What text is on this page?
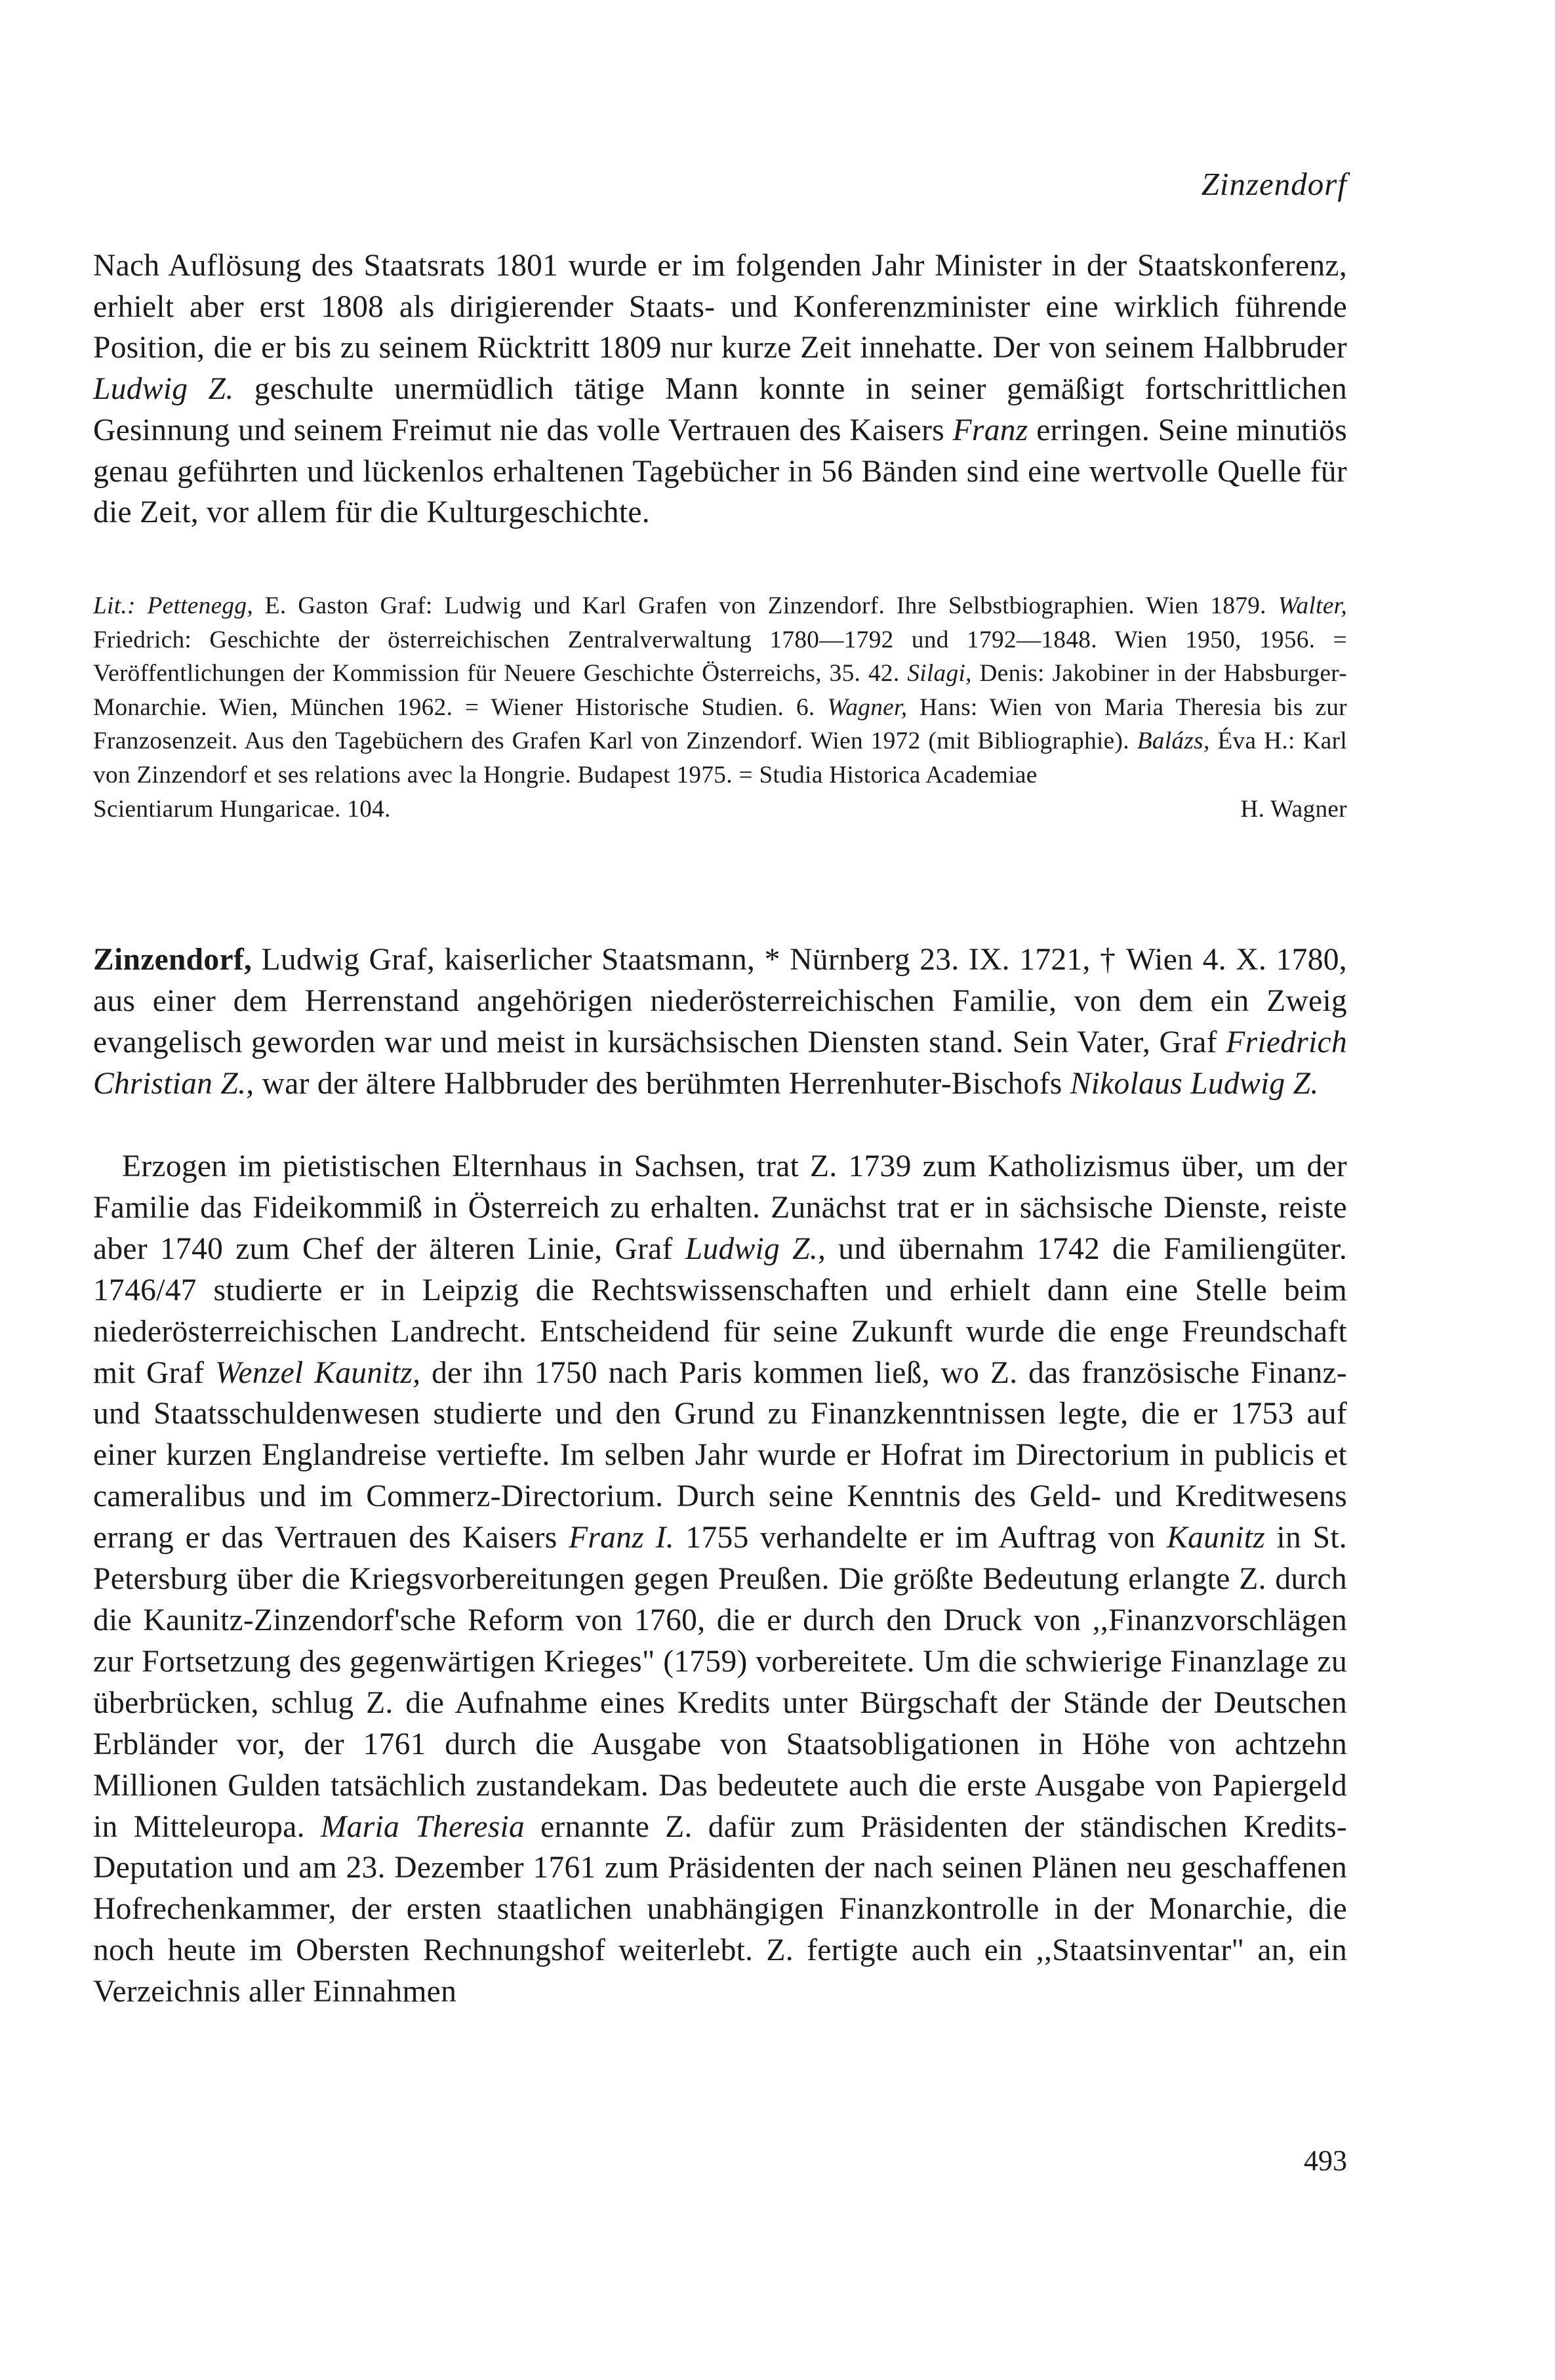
Zinzendorf

Nach Auflösung des Staatsrats 1801 wurde er im folgenden Jahr Minister in der Staatskonferenz, erhielt aber erst 1808 als dirigierender Staats- und Konferenzminister eine wirklich führende Position, die er bis zu seinem Rücktritt 1809 nur kurze Zeit innehatte. Der von seinem Halbbruder Ludwig Z. geschulte unermüdlich tätige Mann konnte in seiner gemäßigt fortschrittlichen Gesinnung und seinem Freimut nie das volle Vertrauen des Kaisers Franz erringen. Seine minutiös genau geführten und lückenlos erhaltenen Tagebücher in 56 Bänden sind eine wertvolle Quelle für die Zeit, vor allem für die Kulturgeschichte.

Lit.: Pettenegg, E. Gaston Graf: Ludwig und Karl Grafen von Zinzendorf. Ihre Selbstbiographien. Wien 1879. Walter, Friedrich: Geschichte der österreichischen Zentralverwaltung 1780—1792 und 1792—1848. Wien 1950, 1956. = Veröffentlichungen der Kommission für Neuere Geschichte Österreichs, 35. 42. Silagi, Denis: Jakobiner in der Habsburger-Monarchie. Wien, München 1962. = Wiener Historische Studien. 6. Wagner, Hans: Wien von Maria Theresia bis zur Franzosenzeit. Aus den Tagebüchern des Grafen Karl von Zinzendorf. Wien 1972 (mit Bibliographie). Balázs, Éva H.: Karl von Zinzendorf et ses relations avec la Hongrie. Budapest 1975. = Studia Historica Academiae
Scientiarum Hungaricae. 104.	H. Wagner

Zinzendorf, Ludwig Graf, kaiserlicher Staatsmann, * Nürnberg 23. IX. 1721, † Wien 4. X. 1780, aus einer dem Herrenstand angehörigen niederösterreichischen Familie, von dem ein Zweig evangelisch geworden war und meist in kursächsischen Diensten stand. Sein Vater, Graf Friedrich Christian Z., war der ältere Halbbruder des berühmten Herrenhuter-Bischofs Nikolaus Ludwig Z.

Erzogen im pietistischen Elternhaus in Sachsen, trat Z. 1739 zum Katholizismus über, um der Familie das Fideikommiß in Österreich zu erhalten. Zunächst trat er in sächsische Dienste, reiste aber 1740 zum Chef der älteren Linie, Graf Ludwig Z., und übernahm 1742 die Familiengüter. 1746/47 studierte er in Leipzig die Rechtswissenschaften und erhielt dann eine Stelle beim niederösterreichischen Landrecht. Entscheidend für seine Zukunft wurde die enge Freundschaft mit Graf Wenzel Kaunitz, der ihn 1750 nach Paris kommen ließ, wo Z. das französische Finanz- und Staatsschuldenwesen studierte und den Grund zu Finanzkenntnissen legte, die er 1753 auf einer kurzen Englandreise vertiefte. Im selben Jahr wurde er Hofrat im Directorium in publicis et cameralibus und im Commerz-Directorium. Durch seine Kenntnis des Geld- und Kreditwesens errang er das Vertrauen des Kaisers Franz I. 1755 verhandelte er im Auftrag von Kaunitz in St. Petersburg über die Kriegsvorbereitungen gegen Preußen. Die größte Bedeutung erlangte Z. durch die Kaunitz-Zinzendorf'sche Reform von 1760, die er durch den Druck von ,,Finanzvorschlägen zur Fortsetzung des gegenwärtigen Krieges" (1759) vorbereitete. Um die schwierige Finanzlage zu überbrücken, schlug Z. die Aufnahme eines Kredits unter Bürgschaft der Stände der Deutschen Erbländer vor, der 1761 durch die Ausgabe von Staatsobligationen in Höhe von achtzehn Millionen Gulden tatsächlich zustandekam. Das bedeutete auch die erste Ausgabe von Papiergeld in Mitteleuropa. Maria Theresia ernannte Z. dafür zum Präsidenten der ständischen Kredits-Deputation und am 23. Dezember 1761 zum Präsidenten der nach seinen Plänen neu geschaffenen Hofrechenkammer, der ersten staatlichen unabhängigen Finanzkontrolle in der Monarchie, die noch heute im Obersten Rechnungshof weiterlebt. Z. fertigte auch ein ,,Staatsinventar" an, ein Verzeichnis aller Einnahmen

493
